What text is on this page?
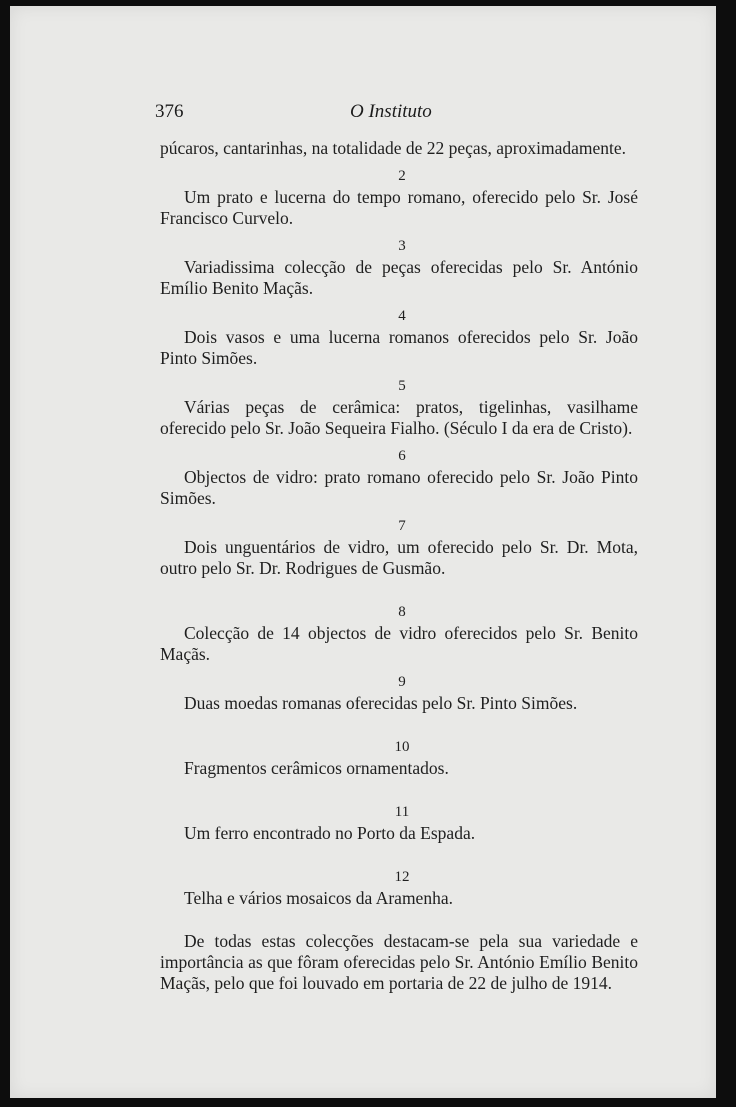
376	O Instituto

púcaros, cantarinhas, na totalidade de 22 peças, aproximadamente.

2

Um prato e lucerna do tempo romano, oferecido pelo Sr. José Francisco Curvelo.

3

Variadissima colecção de peças oferecidas pelo Sr. António Emílio Benito Maçãs.

4

Dois vasos e uma lucerna romanos oferecidos pelo Sr. João Pinto Simões.

5

Várias peças de cerâmica: pratos, tigelinhas, vasilhame oferecido pelo Sr. João Sequeira Fialho. (Século I da era de Cristo).

6

Objectos de vidro: prato romano oferecido pelo Sr. João Pinto Simões.

7

Dois unguentários de vidro, um oferecido pelo Sr. Dr. Mota, outro pelo Sr. Dr. Rodrigues de Gusmão.

8

Colecção de 14 objectos de vidro oferecidos pelo Sr. Benito Maçãs.

9

Duas moedas romanas oferecidas pelo Sr. Pinto Simões.

10

Fragmentos cerâmicos ornamentados.

11

Um ferro encontrado no Porto da Espada.

12

Telha e vários mosaicos da Aramenha.

De todas estas colecções destacam-se pela sua variedade e importância as que fôram oferecidas pelo Sr. António Emílio Benito Maçãs, pelo que foi louvado em portaria de 22 de julho de 1914.
